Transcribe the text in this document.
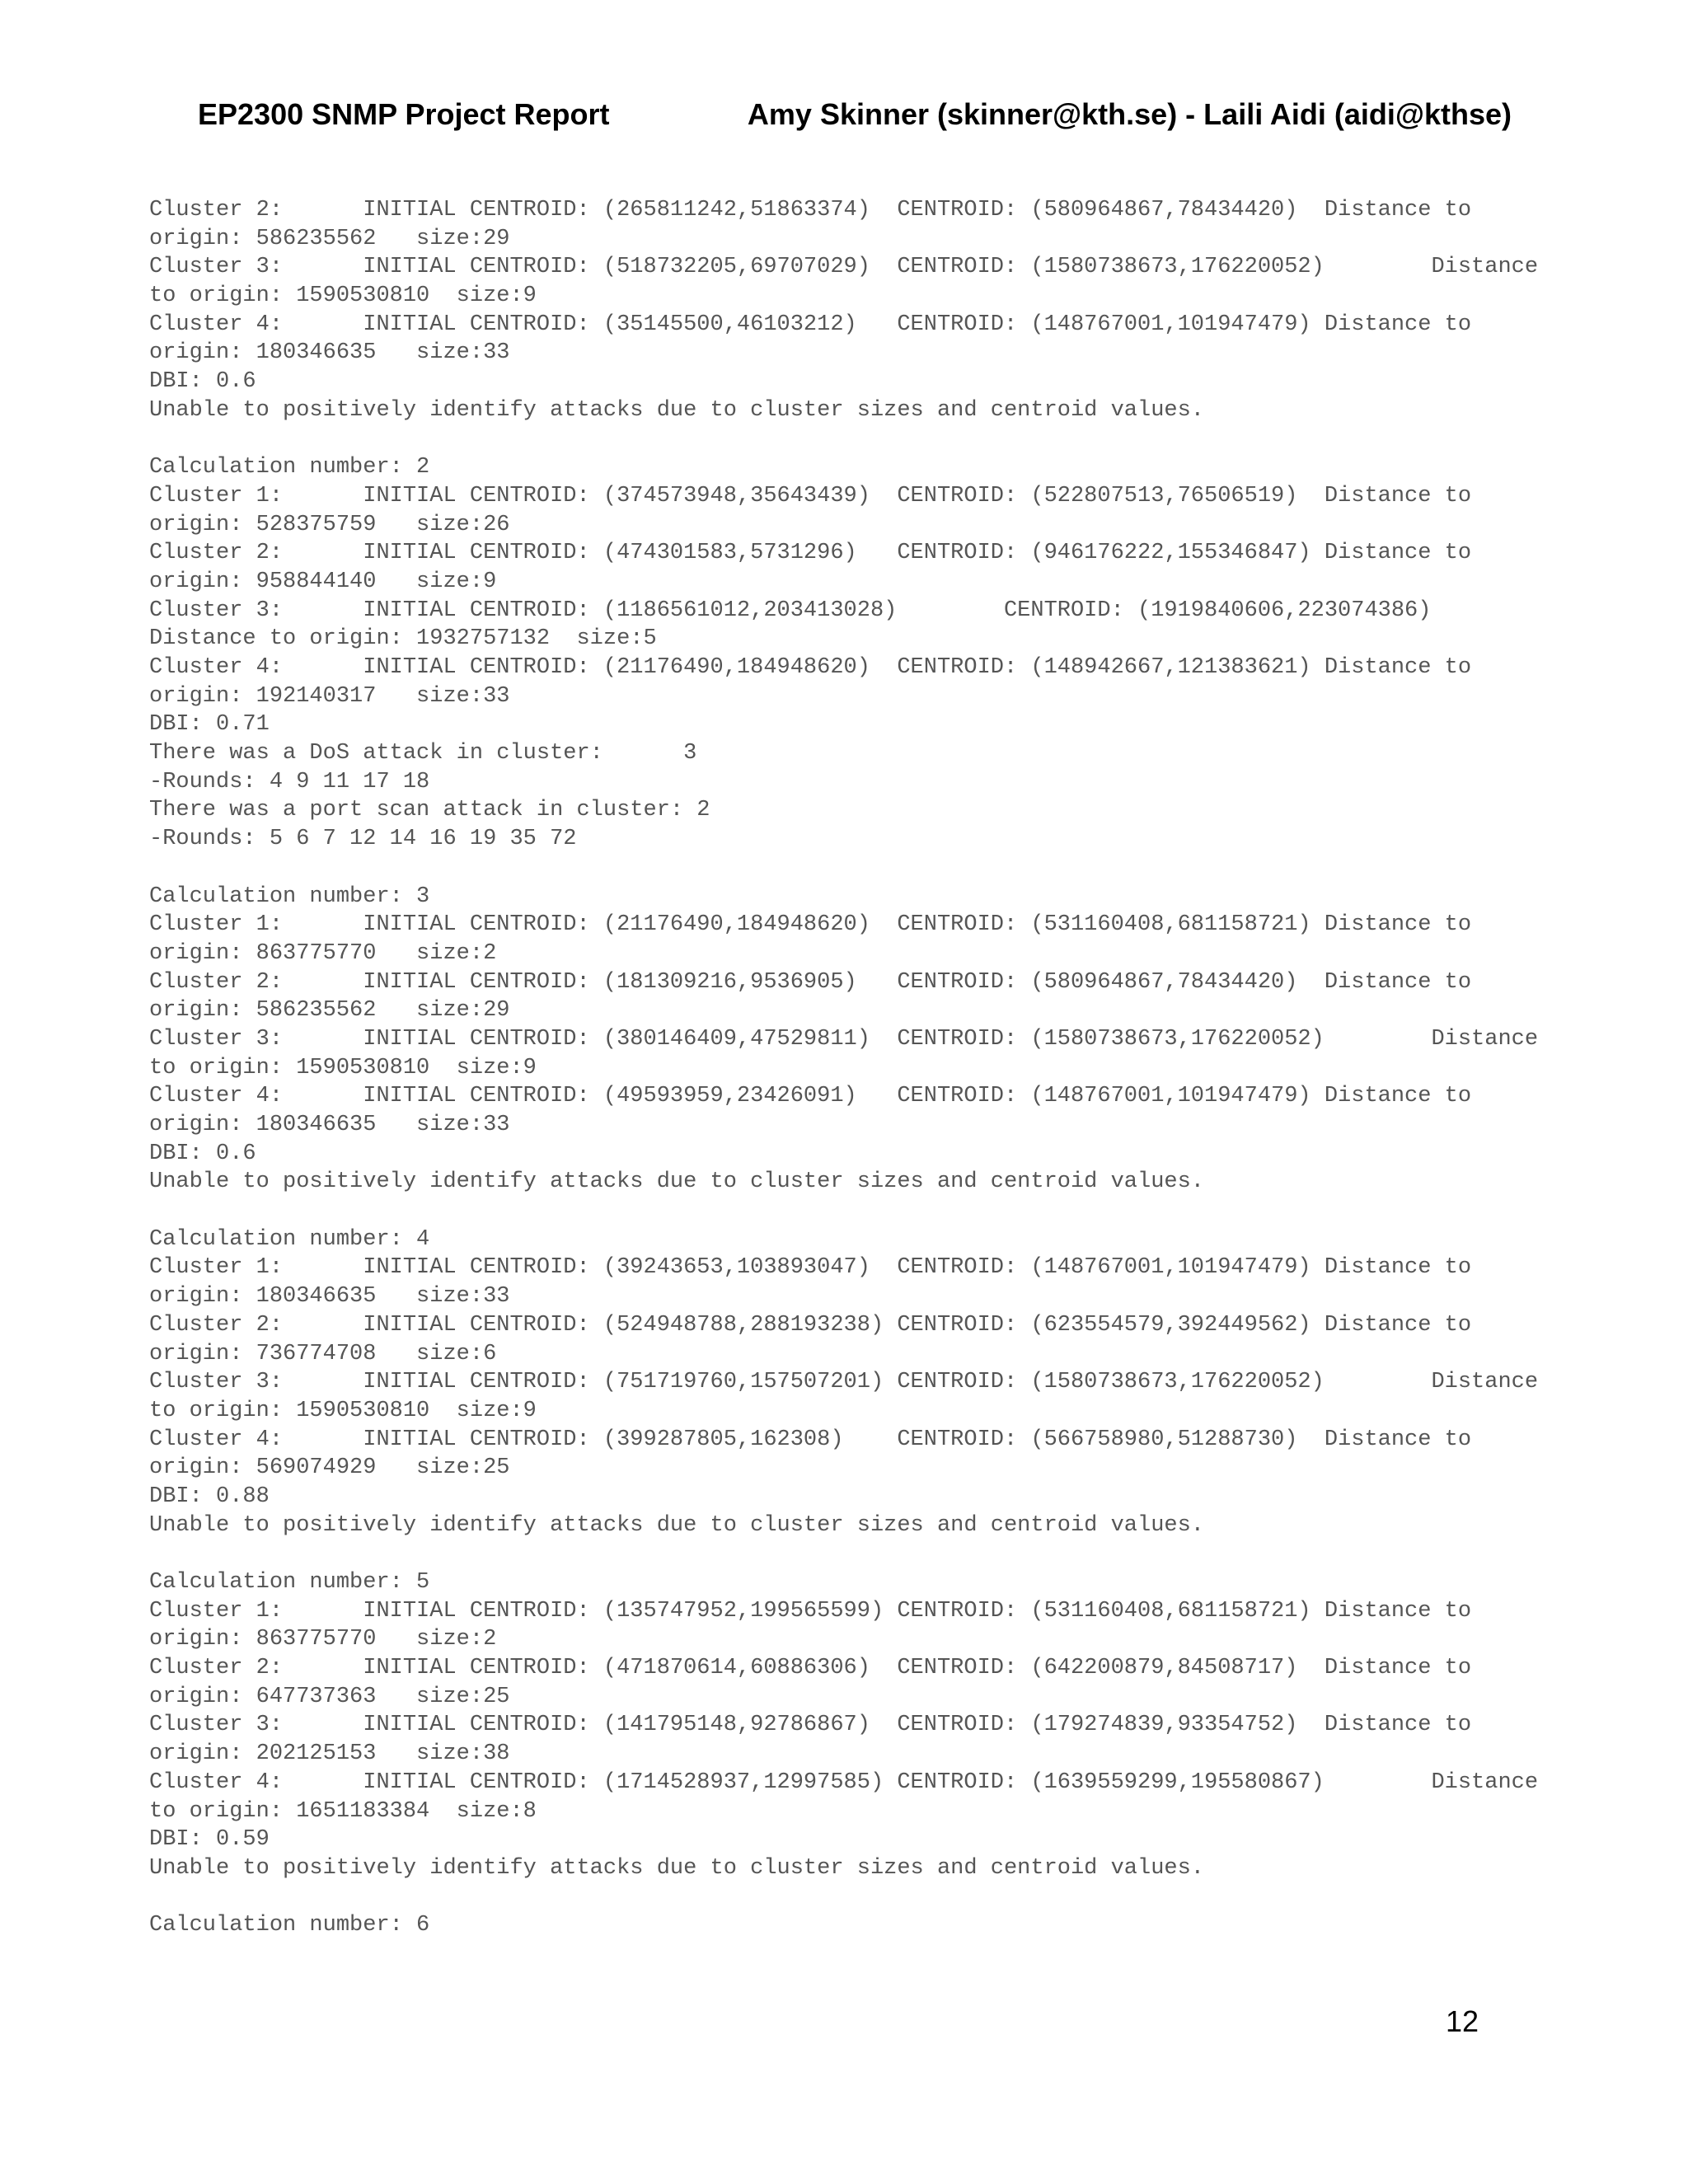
EP2300 SNMP Project Report	Amy Skinner (skinner@kth.se) - Laili Aidi (aidi@kthse)
Cluster 2:      INITIAL CENTROID: (265811242,51863374)  CENTROID: (580964867,78434420)  Distance to
origin: 586235562   size:29
Cluster 3:      INITIAL CENTROID: (518732205,69707029)  CENTROID: (1580738673,176220052)        Distance
to origin: 1590530810  size:9
Cluster 4:      INITIAL CENTROID: (35145500,46103212)   CENTROID: (148767001,101947479) Distance to
origin: 180346635   size:33
DBI: 0.6
Unable to positively identify attacks due to cluster sizes and centroid values.
Calculation number: 2
Cluster 1:      INITIAL CENTROID: (374573948,35643439)  CENTROID: (522807513,76506519)  Distance to
origin: 528375759   size:26
Cluster 2:      INITIAL CENTROID: (474301583,5731296)   CENTROID: (946176222,155346847) Distance to
origin: 958844140   size:9
Cluster 3:      INITIAL CENTROID: (1186561012,203413028)        CENTROID: (1919840606,223074386)
Distance to origin: 1932757132  size:5
Cluster 4:      INITIAL CENTROID: (21176490,184948620)  CENTROID: (148942667,121383621) Distance to
origin: 192140317   size:33
DBI: 0.71
There was a DoS attack in cluster:      3
-Rounds: 4 9 11 17 18
There was a port scan attack in cluster: 2
-Rounds: 5 6 7 12 14 16 19 35 72
Calculation number: 3
Cluster 1:      INITIAL CENTROID: (21176490,184948620)  CENTROID: (531160408,681158721) Distance to
origin: 863775770   size:2
Cluster 2:      INITIAL CENTROID: (181309216,9536905)   CENTROID: (580964867,78434420)  Distance to
origin: 586235562   size:29
Cluster 3:      INITIAL CENTROID: (380146409,47529811)  CENTROID: (1580738673,176220052)        Distance
to origin: 1590530810  size:9
Cluster 4:      INITIAL CENTROID: (49593959,23426091)   CENTROID: (148767001,101947479) Distance to
origin: 180346635   size:33
DBI: 0.6
Unable to positively identify attacks due to cluster sizes and centroid values.
Calculation number: 4
Cluster 1:      INITIAL CENTROID: (39243653,103893047)  CENTROID: (148767001,101947479) Distance to
origin: 180346635   size:33
Cluster 2:      INITIAL CENTROID: (524948788,288193238) CENTROID: (623554579,392449562) Distance to
origin: 736774708   size:6
Cluster 3:      INITIAL CENTROID: (751719760,157507201) CENTROID: (1580738673,176220052)        Distance
to origin: 1590530810  size:9
Cluster 4:      INITIAL CENTROID: (399287805,162308)    CENTROID: (566758980,51288730)  Distance to
origin: 569074929   size:25
DBI: 0.88
Unable to positively identify attacks due to cluster sizes and centroid values.
Calculation number: 5
Cluster 1:      INITIAL CENTROID: (135747952,199565599) CENTROID: (531160408,681158721) Distance to
origin: 863775770   size:2
Cluster 2:      INITIAL CENTROID: (471870614,60886306)  CENTROID: (642200879,84508717)  Distance to
origin: 647737363   size:25
Cluster 3:      INITIAL CENTROID: (141795148,92786867)  CENTROID: (179274839,93354752)  Distance to
origin: 202125153   size:38
Cluster 4:      INITIAL CENTROID: (1714528937,12997585) CENTROID: (1639559299,195580867)        Distance
to origin: 1651183384  size:8
DBI: 0.59
Unable to positively identify attacks due to cluster sizes and centroid values.
Calculation number: 6
12
